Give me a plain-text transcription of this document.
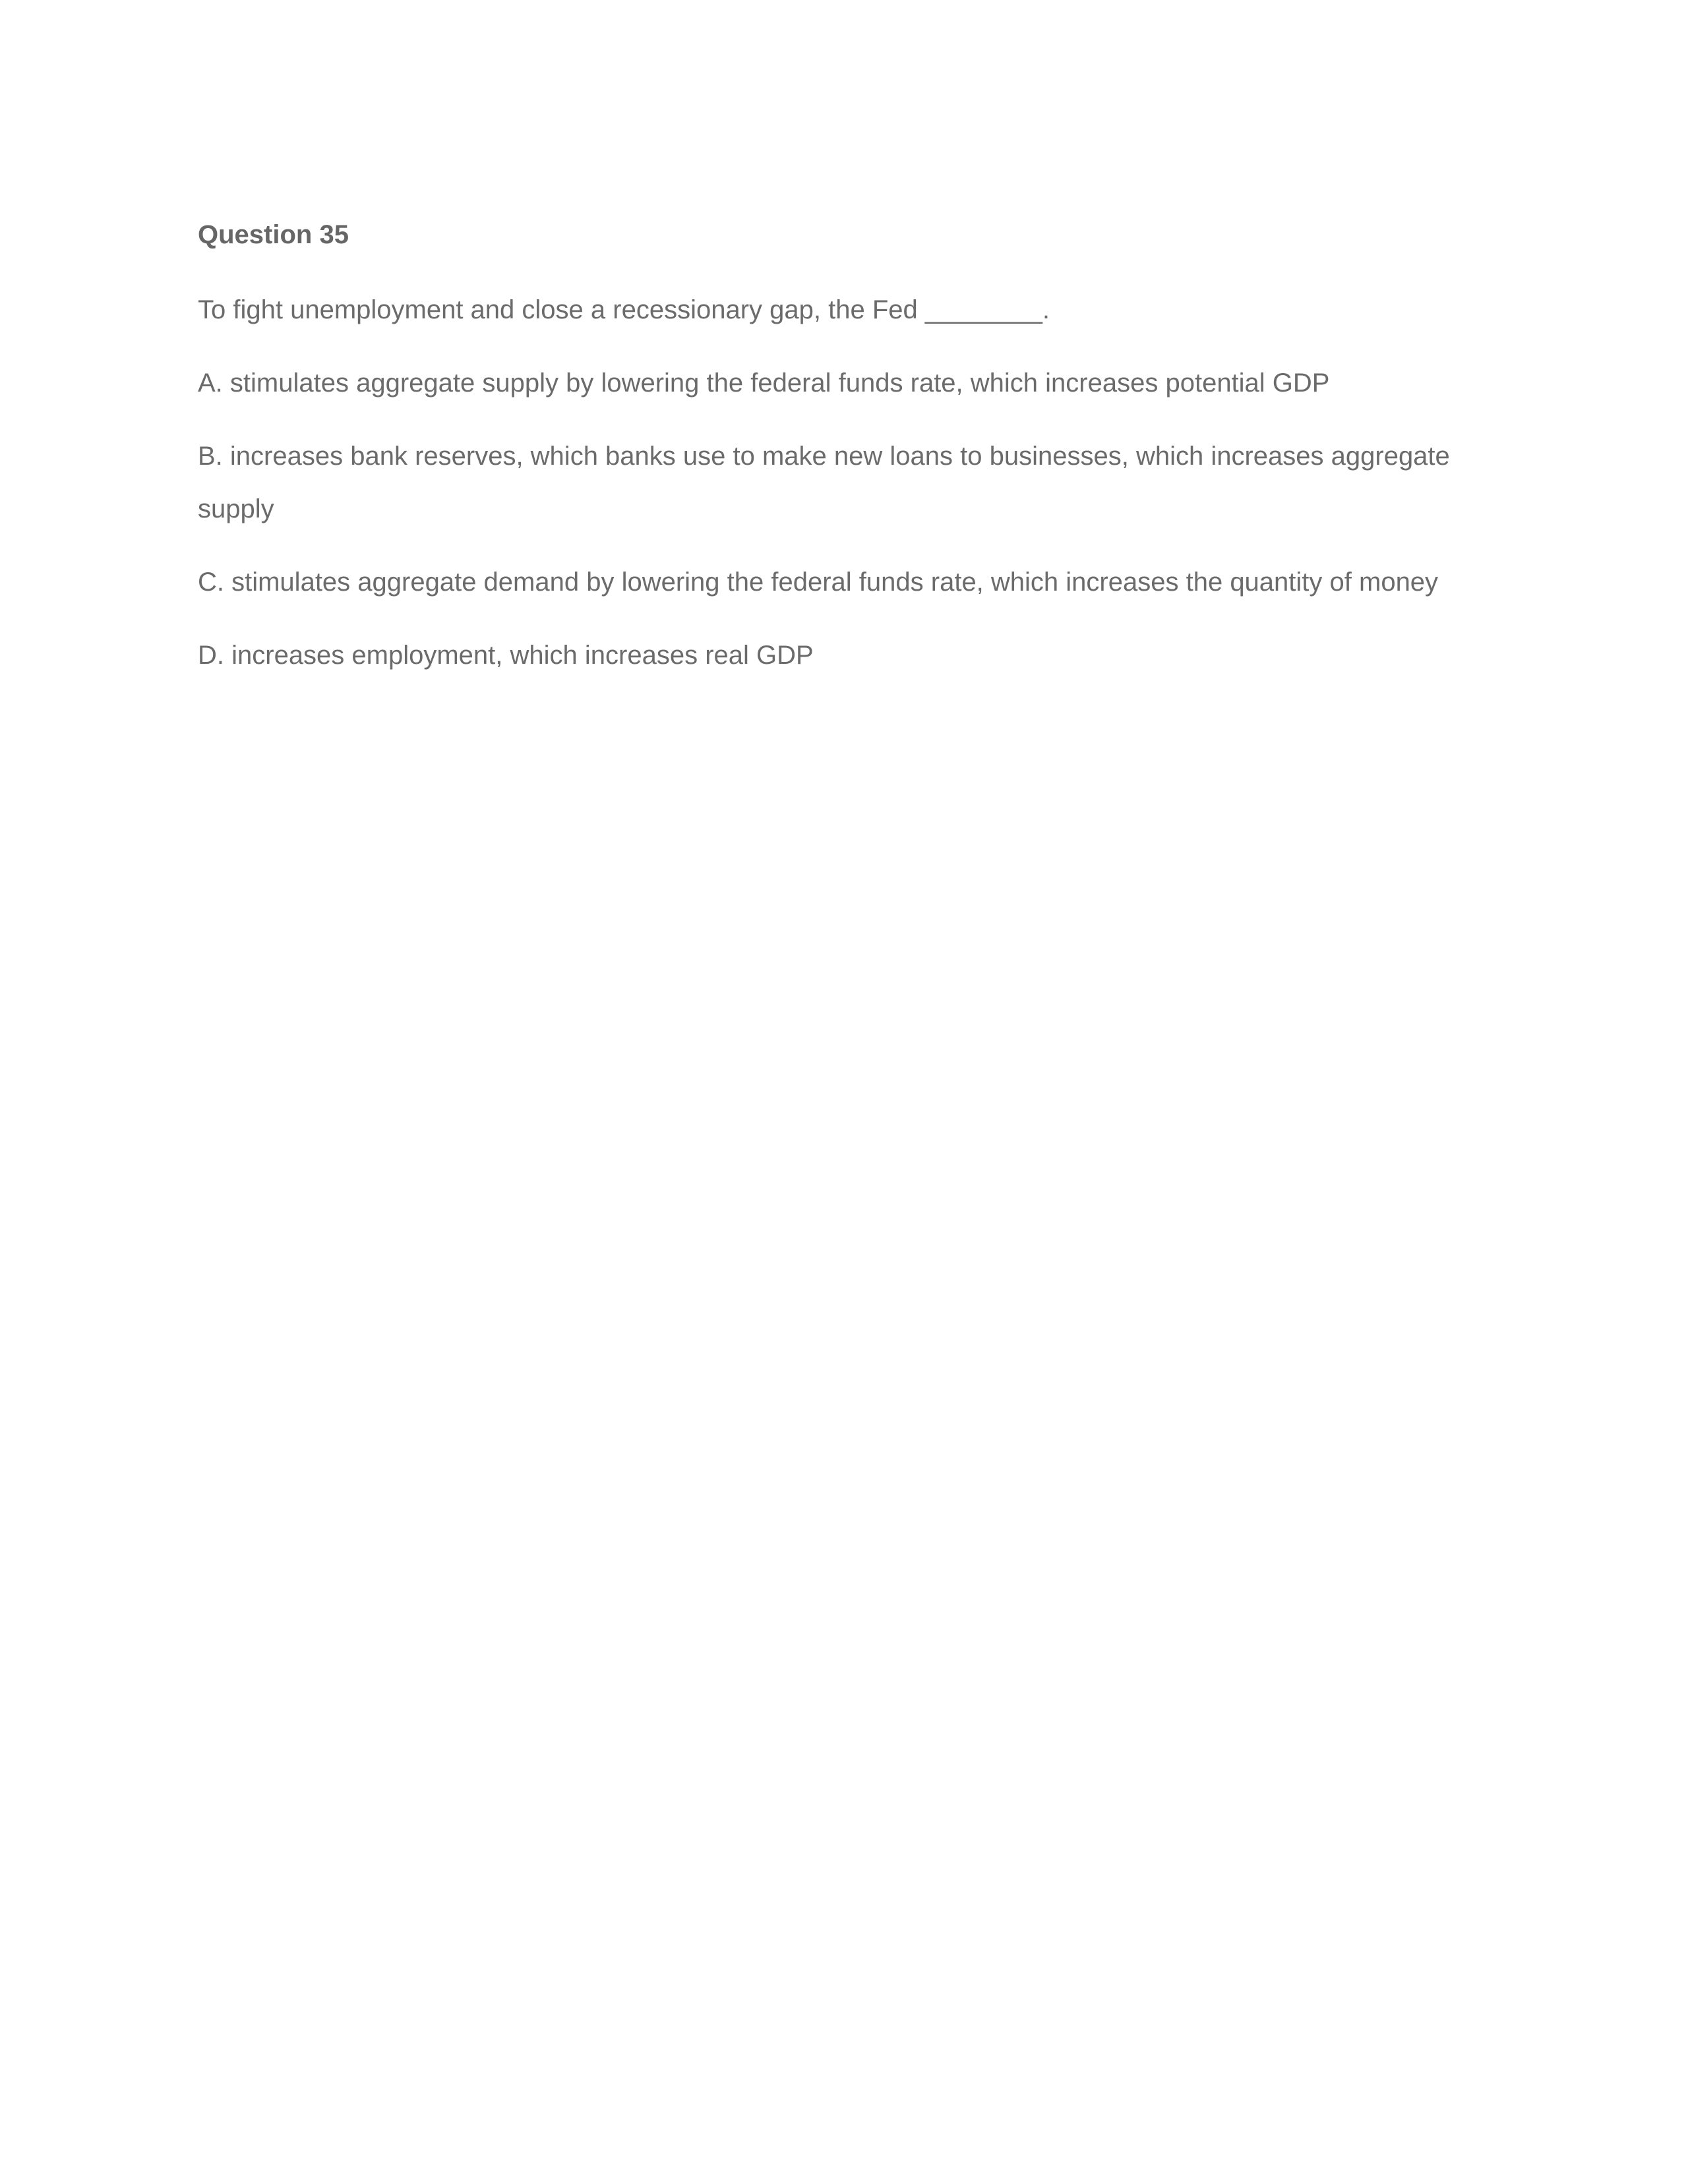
Question 35
To fight unemployment and close a recessionary gap, the Fed ________.
A. stimulates aggregate supply by lowering the federal funds rate, which increases potential GDP
B. increases bank reserves, which banks use to make new loans to businesses, which increases aggregate supply
C. stimulates aggregate demand by lowering the federal funds rate, which increases the quantity of money
D. increases employment, which increases real GDP
